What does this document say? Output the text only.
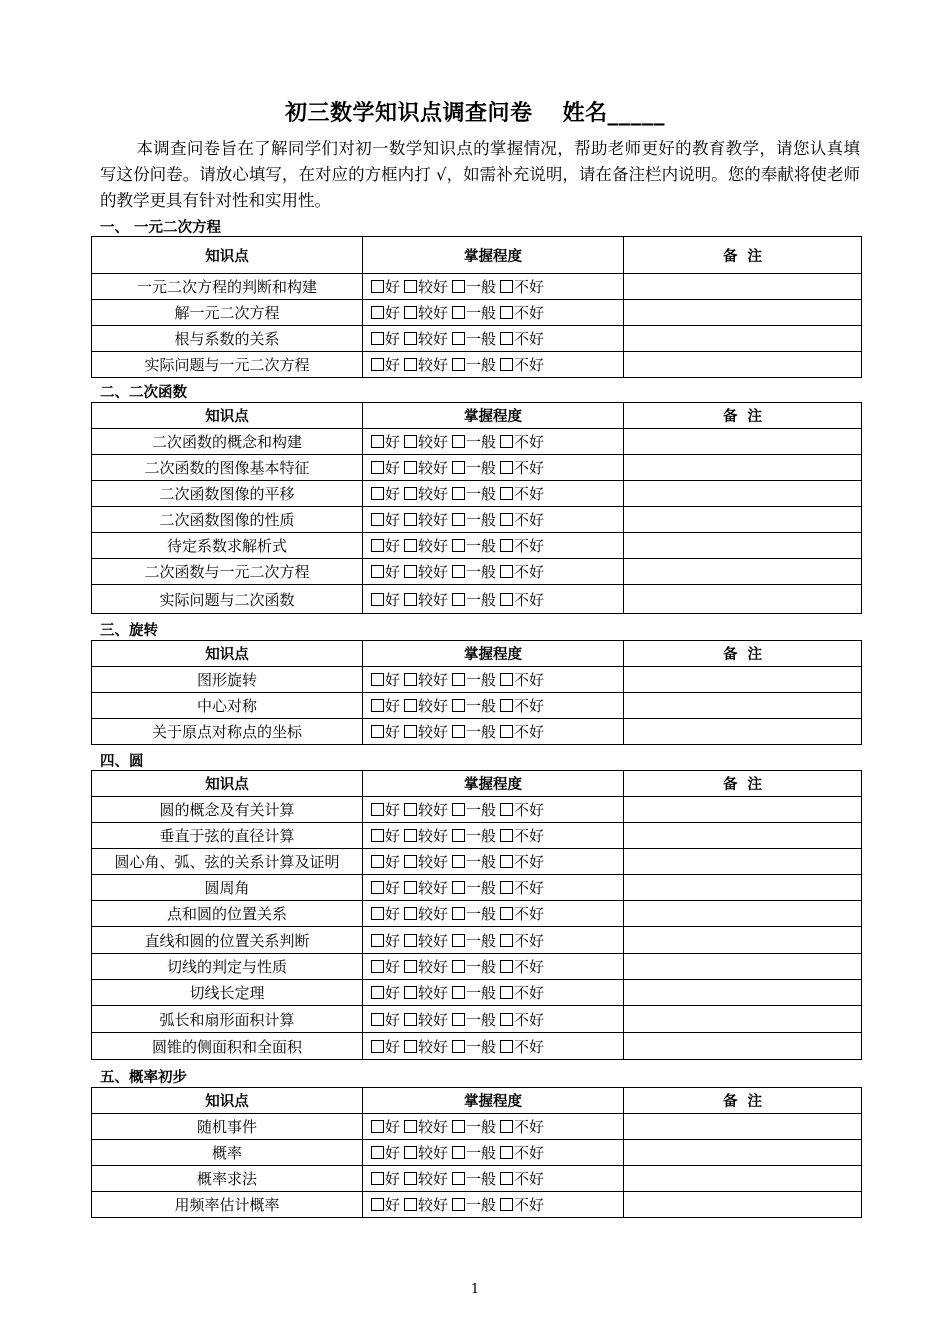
初三数学知识点调查问卷 姓名_____
本调查问卷旨在了解同学们对初一数学知识点的掌握情况，帮助老师更好的教育教学，请您认真填写这份问卷。请放心填写，在对应的方框内打 √，如需补充说明，请在备注栏内说明。您的奉献将使老师的教学更具有针对性和实用性。
一、 一元二次方程
知识点	掌握程度	备  注
一元二次方程的判断和构建	好 较好 一般 不好	
解一元二次方程	好 较好 一般 不好	
根与系数的关系	好 较好 一般 不好	
实际问题与一元二次方程	好 较好 一般 不好	
二、二次函数
知识点	掌握程度	备  注
二次函数的概念和构建	好 较好 一般 不好	
二次函数的图像基本特征	好 较好 一般 不好	
二次函数图像的平移	好 较好 一般 不好	
二次函数图像的性质	好 较好 一般 不好	
待定系数求解析式	好 较好 一般 不好	
二次函数与一元二次方程	好 较好 一般 不好	
实际问题与二次函数	好 较好 一般 不好	
三、旋转
知识点	掌握程度	备  注
图形旋转	好 较好 一般 不好	
中心对称	好 较好 一般 不好	
关于原点对称点的坐标	好 较好 一般 不好	
四、圆
知识点	掌握程度	备  注
圆的概念及有关计算	好 较好 一般 不好	
垂直于弦的直径计算	好 较好 一般 不好	
圆心角、弧、弦的关系计算及证明	好 较好 一般 不好	
圆周角	好 较好 一般 不好	
点和圆的位置关系	好 较好 一般 不好	
直线和圆的位置关系判断	好 较好 一般 不好	
切线的判定与性质	好 较好 一般 不好	
切线长定理	好 较好 一般 不好	
弧长和扇形面积计算	好 较好 一般 不好	
圆锥的侧面积和全面积	好 较好 一般 不好	
五、概率初步
知识点	掌握程度	备  注
随机事件	好 较好 一般 不好	
概率	好 较好 一般 不好	
概率求法	好 较好 一般 不好	
用频率估计概率	好 较好 一般 不好	
1
